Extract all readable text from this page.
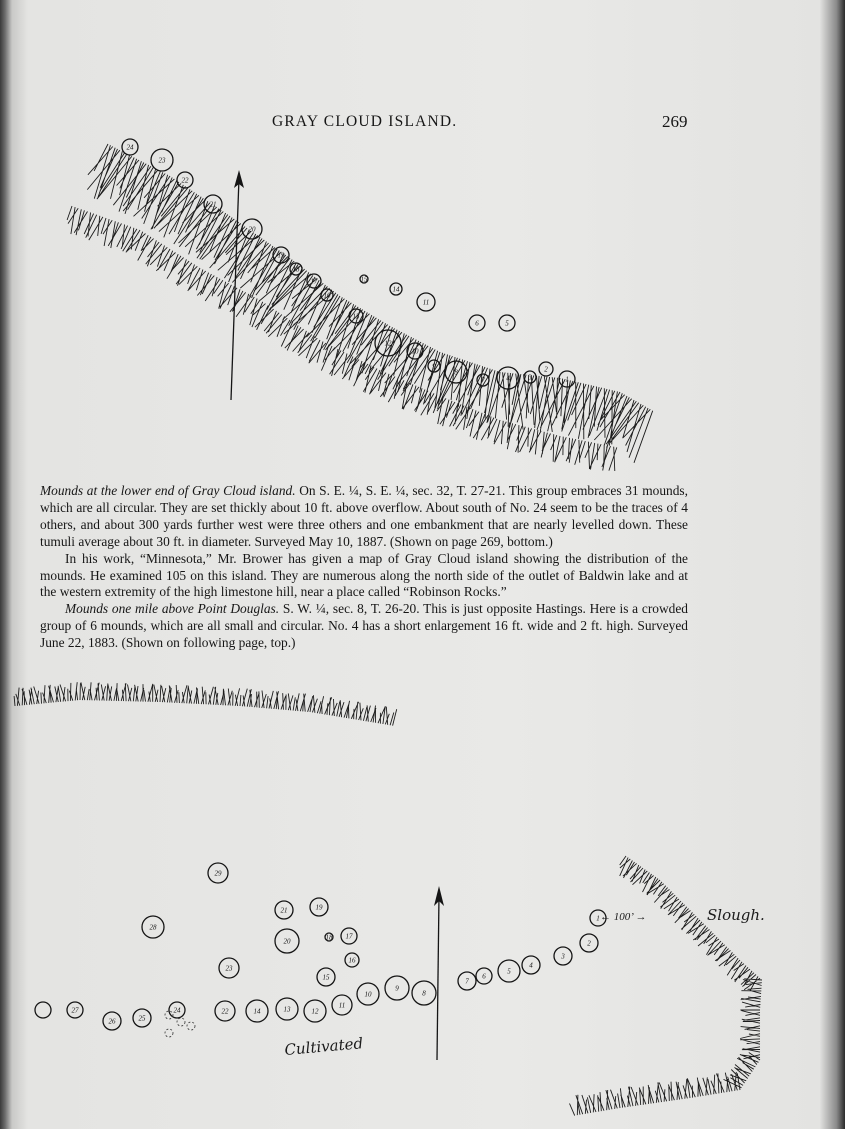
GRAY CLOUD ISLAND.	269
24
23
22
21
20
19
18
17
16
15
14
13
12
11
10
9
8
7
6	5
4	3
2
1

Mounds at the lower end of Gray Cloud island. On S. E. ¼, S. E. ¼, sec. 32, T. 27-21. This group embraces 31 mounds, which are all circular. They are set thickly about 10 ft. above overflow. About south of No. 24 seem to be the traces of 4 others, and about 300 yards further west were three others and one embankment that are nearly levelled down. These tumuli average about 30 ft. in diameter. Surveyed May 10, 1887. (Shown on page 269, bottom.)

In his work, “Minnesota,” Mr. Brower has given a map of Gray Cloud island showing the distribution of the mounds. He examined 105 on this island. They are numerous along the north side of the outlet of Baldwin lake and at the western extremity of the high limestone hill, near a place called “Robinson Rocks.”

Mounds one mile above Point Douglas. S. W. ¼, sec. 8, T. 26-20. This is just opposite Hastings. Here is a crowded group of 6 mounds, which are all small and circular. No. 4 has a short enlargement 16 ft. wide and 2 ft. high. Surveyed June 22, 1883. (Shown on following page, top.)

29
28
27
26	25
24
23
22
21
20
19
18 17
16
15
14	13	12
11
10
9
8
7
6
5
4
3
2
1 ← 100’ →	Slough.
Cultivated
